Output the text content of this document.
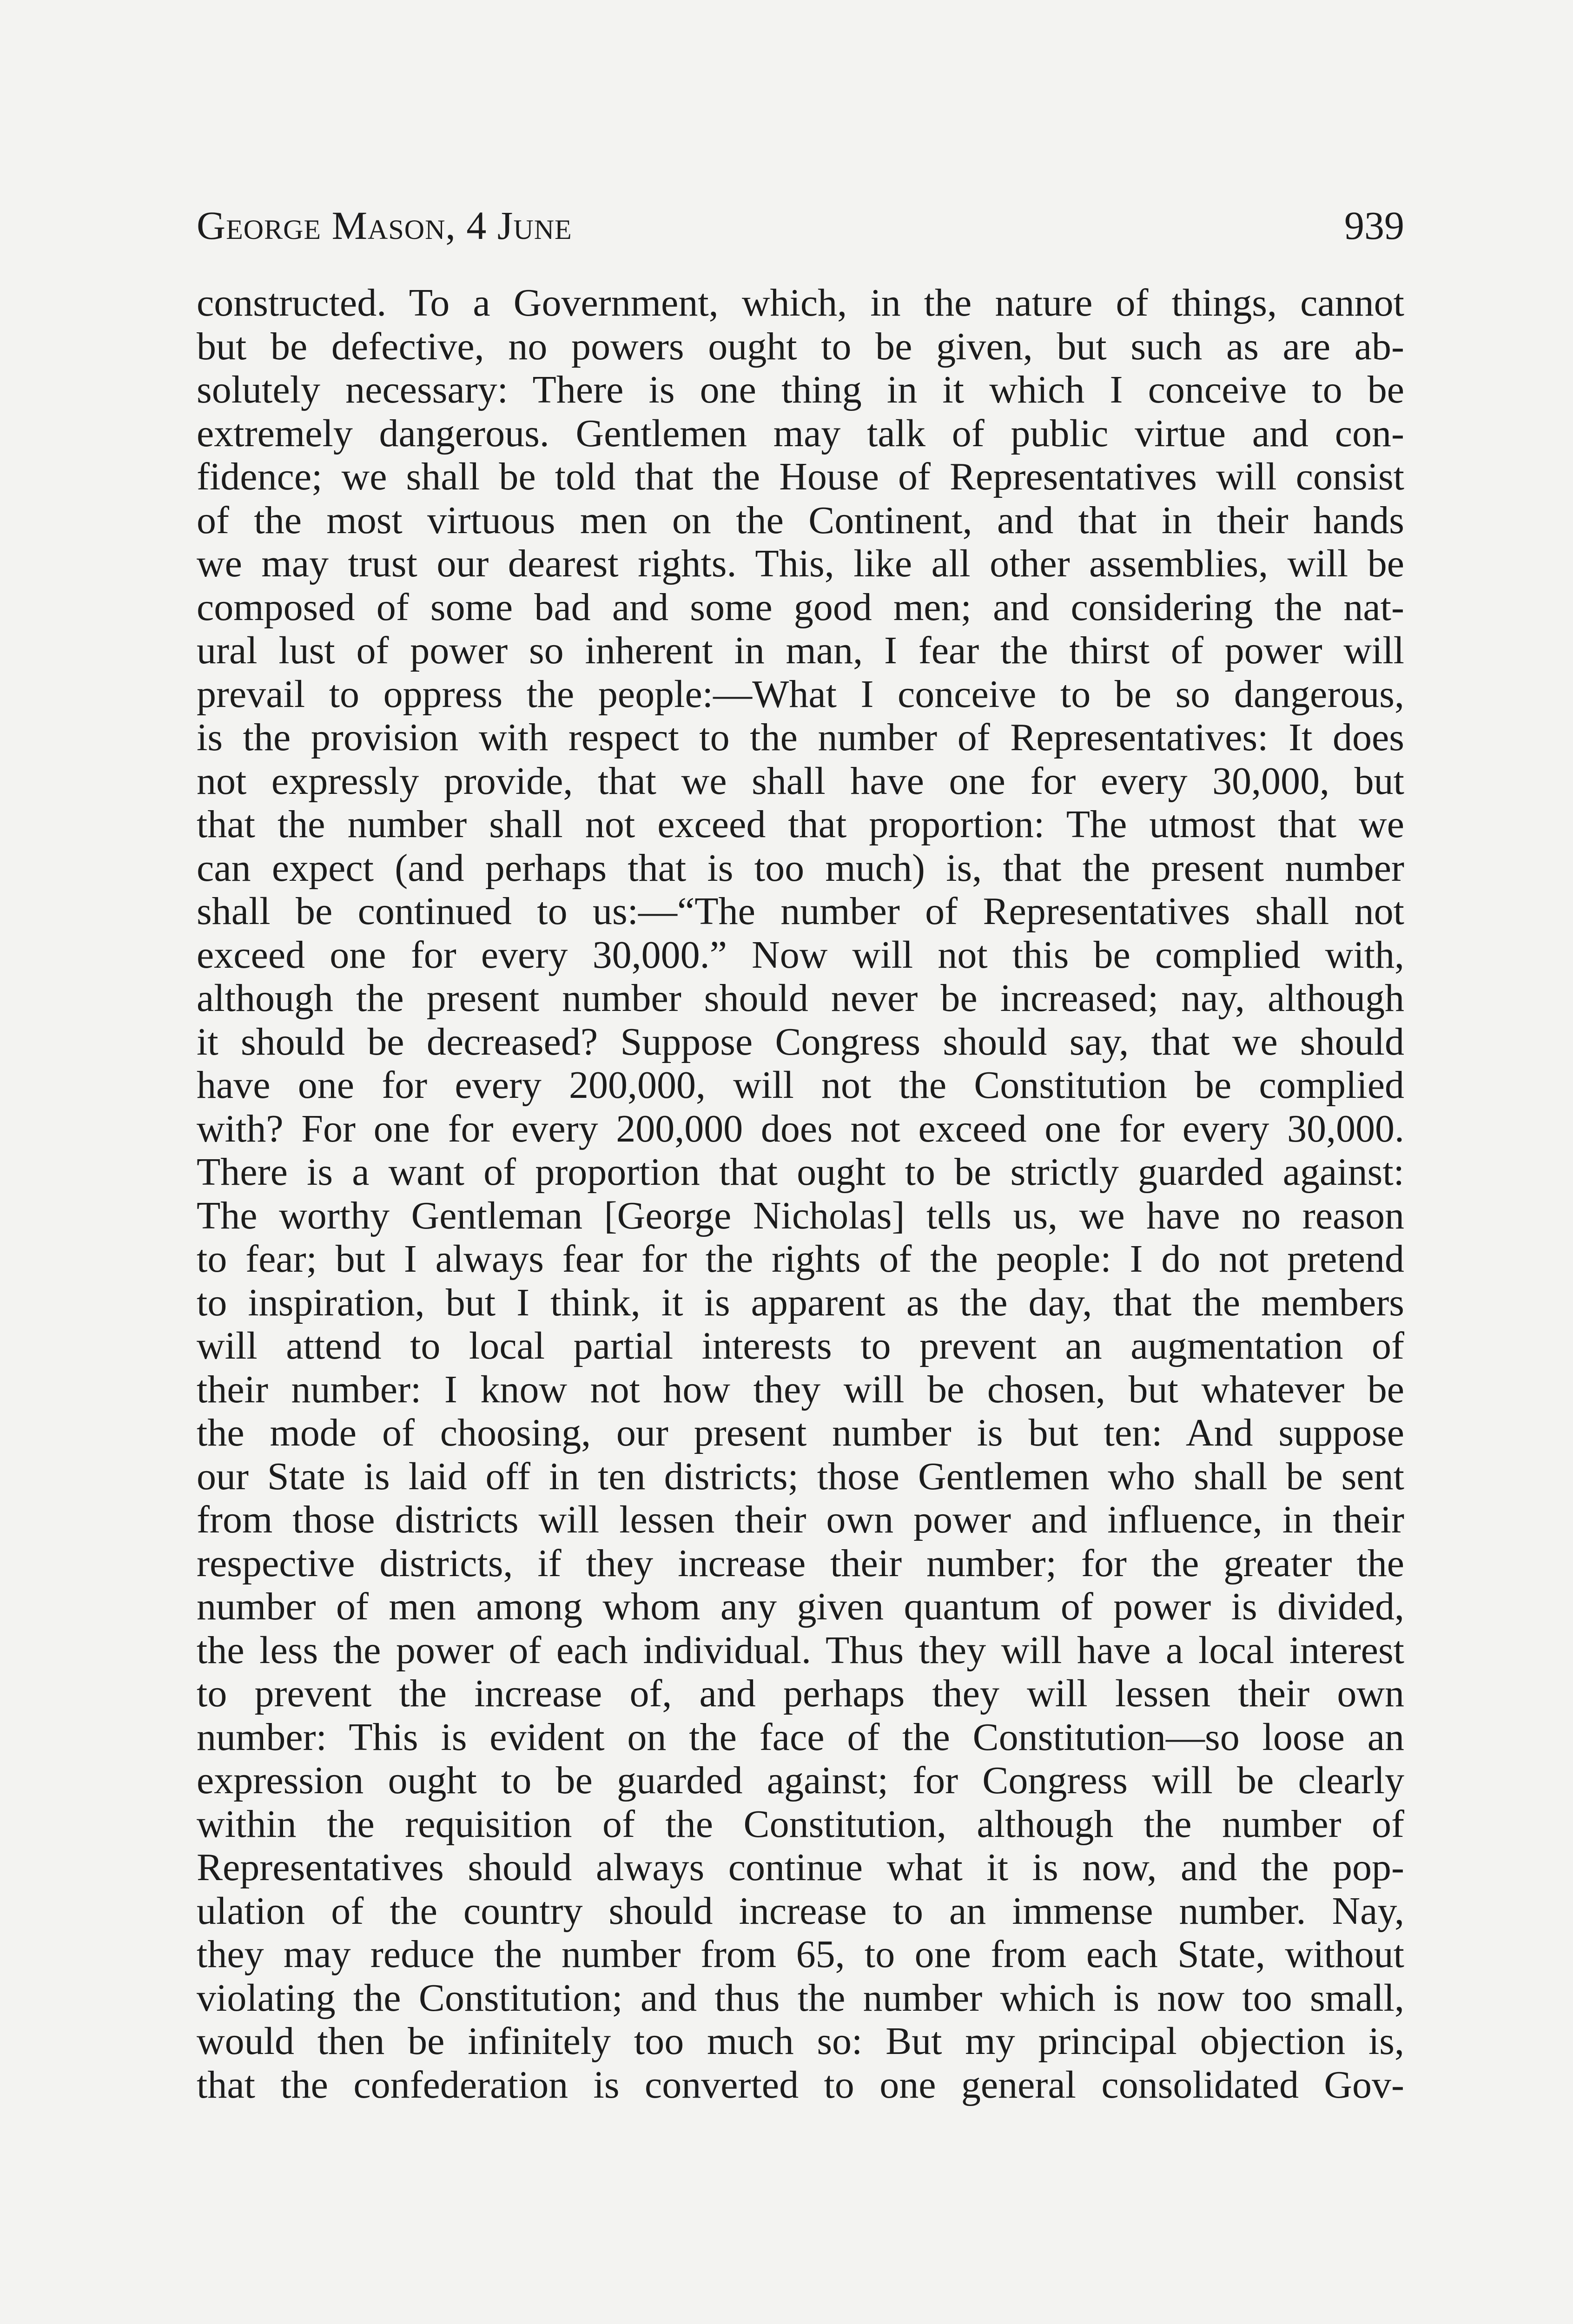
George Mason, 4 June	939
constructed. To a Government, which, in the nature of things, cannot
but be defective, no powers ought to be given, but such as are ab-
solutely necessary: There is one thing in it which I conceive to be
extremely dangerous. Gentlemen may talk of public virtue and con-
fidence; we shall be told that the House of Representatives will consist
of the most virtuous men on the Continent, and that in their hands
we may trust our dearest rights. This, like all other assemblies, will be
composed of some bad and some good men; and considering the nat-
ural lust of power so inherent in man, I fear the thirst of power will
prevail to oppress the people:—What I conceive to be so dangerous,
is the provision with respect to the number of Representatives: It does
not expressly provide, that we shall have one for every 30,000, but
that the number shall not exceed that proportion: The utmost that we
can expect (and perhaps that is too much) is, that the present number
shall be continued to us:—“The number of Representatives shall not
exceed one for every 30,000.” Now will not this be complied with,
although the present number should never be increased; nay, although
it should be decreased? Suppose Congress should say, that we should
have one for every 200,000, will not the Constitution be complied
with? For one for every 200,000 does not exceed one for every 30,000.
There is a want of proportion that ought to be strictly guarded against:
The worthy Gentleman [George Nicholas] tells us, we have no reason
to fear; but I always fear for the rights of the people: I do not pretend
to inspiration, but I think, it is apparent as the day, that the members
will attend to local partial interests to prevent an augmentation of
their number: I know not how they will be chosen, but whatever be
the mode of choosing, our present number is but ten: And suppose
our State is laid off in ten districts; those Gentlemen who shall be sent
from those districts will lessen their own power and influence, in their
respective districts, if they increase their number; for the greater the
number of men among whom any given quantum of power is divided,
the less the power of each individual. Thus they will have a local interest
to prevent the increase of, and perhaps they will lessen their own
number: This is evident on the face of the Constitution—so loose an
expression ought to be guarded against; for Congress will be clearly
within the requisition of the Constitution, although the number of
Representatives should always continue what it is now, and the pop-
ulation of the country should increase to an immense number. Nay,
they may reduce the number from 65, to one from each State, without
violating the Constitution; and thus the number which is now too small,
would then be infinitely too much so: But my principal objection is,
that the confederation is converted to one general consolidated Gov-
